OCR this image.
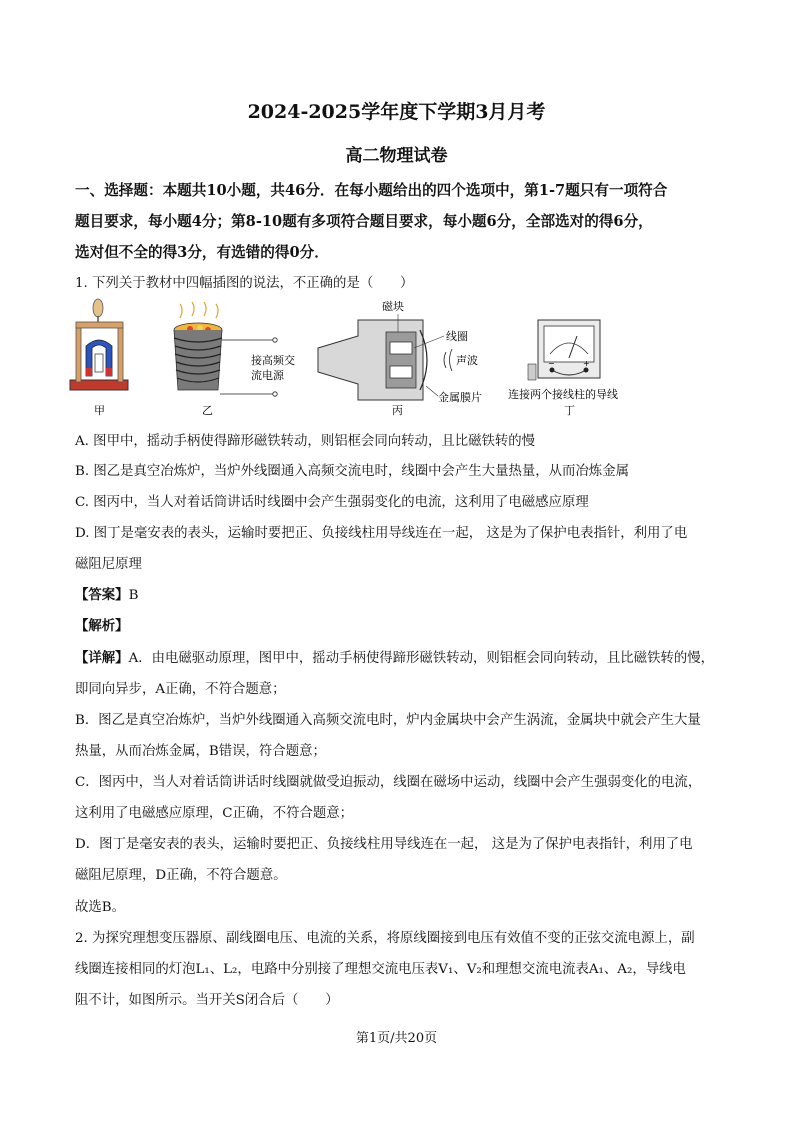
2024-2025学年度下学期3月月考
高二物理试卷
一、选择题：本题共10小题，共46分．在每小题给出的四个选项中，第1-7题只有一项符合
题目要求，每小题4分；第8-10题有多项符合题目要求，每小题6分，全部选对的得6分，
选对但不全的得3分，有选错的得0分．
1. 下列关于教材中四幅插图的说法，不正确的是（　　）
甲
接高频交
流电源
乙
磁块
线圈
声波
金属膜片
丙
−	+
连接两个接线柱的导线
丁
A. 图甲中，摇动手柄使得蹄形磁铁转动，则铝框会同向转动，且比磁铁转的慢
B. 图乙是真空冶炼炉，当炉外线圈通入高频交流电时，线圈中会产生大量热量，从而冶炼金属
C. 图丙中，当人对着话筒讲话时线圈中会产生强弱变化的电流，这利用了电磁感应原理
D. 图丁是毫安表的表头，运输时要把正、负接线柱用导线连在一起， 这是为了保护电表指针，利用了电
磁阻尼原理
【答案】B
【解析】
【详解】A．由电磁驱动原理，图甲中，摇动手柄使得蹄形磁铁转动，则铝框会同向转动，且比磁铁转的慢，
即同向异步，A正确，不符合题意；
B．图乙是真空冶炼炉，当炉外线圈通入高频交流电时，炉内金属块中会产生涡流，金属块中就会产生大量
热量，从而冶炼金属，B错误，符合题意；
C．图丙中，当人对着话筒讲话时线圈就做受迫振动，线圈在磁场中运动，线圈中会产生强弱变化的电流，
这利用了电磁感应原理，C正确，不符合题意；
D．图丁是毫安表的表头，运输时要把正、负接线柱用导线连在一起， 这是为了保护电表指针，利用了电
磁阻尼原理，D正确，不符合题意。
故选B。
2. 为探究理想变压器原、副线圈电压、电流的关系，将原线圈接到电压有效值不变的正弦交流电源上，副
线圈连接相同的灯泡L₁、L₂，电路中分别接了理想交流电压表V₁、V₂和理想交流电流表A₁、A₂，导线电
阻不计，如图所示。当开关S闭合后（　　）
第1页/共20页
